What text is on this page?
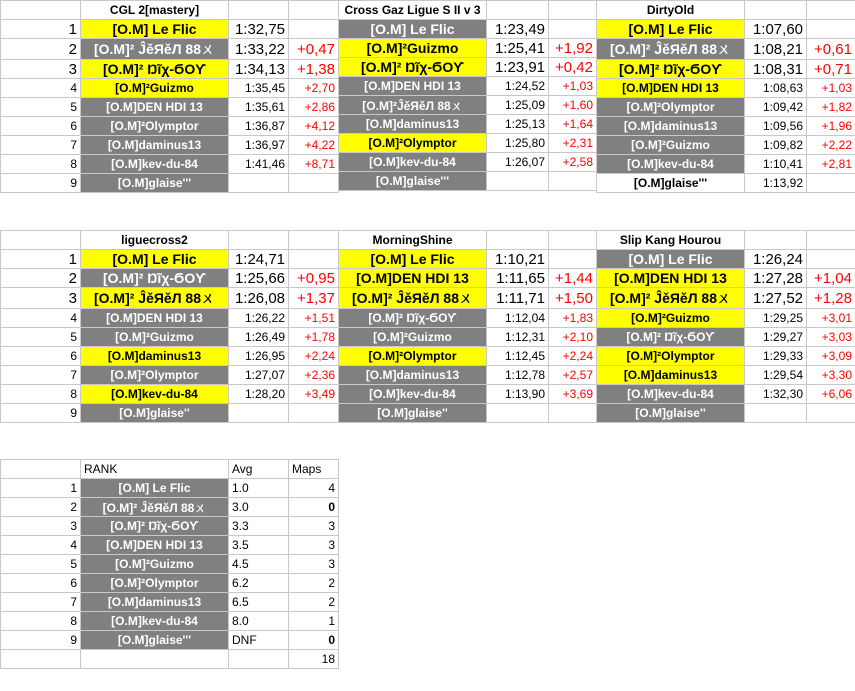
	CGL 2[mastery]		
1	[O.M] Le Flic	1:32,75	
2	[O.M]² ĴěЯěЛ 88ㄨ	1:33,22	+0,47
3	[O.M]² Ŋĩχ-ϬΟϒ	1:34,13	+1,38
4	[O.M]²Guizmo	1:35,45	+2,70
5	[O.M]DEN HDI 13	1:35,61	+2,86
6	[O.M]²Olymptor	1:36,87	+4,12
7	[O.M]daminus13	1:36,97	+4,22
8	[O.M]kev-du-84	1:41,46	+8,71
9	[O.M]glaise'''		
Cross Gaz Ligue S II v 3		
[O.M] Le Flic	1:23,49	
[O.M]²Guizmo	1:25,41	+1,92
[O.M]² Ŋĩχ-ϬΟϒ	1:23,91	+0,42
[O.M]DEN HDI 13	1:24,52	+1,03
[O.M]²ĴěЯěЛ 88ㄨ	1:25,09	+1,60
[O.M]daminus13	1:25,13	+1,64
[O.M]²Olymptor	1:25,80	+2,31
[O.M]kev-du-84	1:26,07	+2,58
[O.M]glaise'''		
DirtyOld		
[O.M] Le Flic	1:07,60	
[O.M]² ĴěЯěЛ 88ㄨ	1:08,21	+0,61
[O.M]² Ŋĩχ-ϬΟϒ	1:08,31	+0,71
[O.M]DEN HDI 13	1:08,63	+1,03
[O.M]²Olymptor	1:09,42	+1,82
[O.M]daminus13	1:09,56	+1,96
[O.M]²Guizmo	1:09,82	+2,22
[O.M]kev-du-84	1:10,41	+2,81
[O.M]glaise'''	1:13,92	
	liguecross2		
1	[O.M] Le Flic	1:24,71	
2	[O.M]² Ŋĩχ-ϬΟϒ	1:25,66	+0,95
3	[O.M]² ĴěЯěЛ 88ㄨ	1:26,08	+1,37
4	[O.M]DEN HDI 13	1:26,22	+1,51
5	[O.M]²Guizmo	1:26,49	+1,78
6	[O.M]daminus13	1:26,95	+2,24
7	[O.M]²Olymptor	1:27,07	+2,36
8	[O.M]kev-du-84	1:28,20	+3,49
9	[O.M]glaise''		
MorningShine		
[O.M] Le Flic	1:10,21	
[O.M]DEN HDI 13	1:11,65	+1,44
[O.M]² ĴěЯěЛ 88ㄨ	1:11,71	+1,50
[O.M]² Ŋĩχ-ϬΟϒ	1:12,04	+1,83
[O.M]²Guizmo	1:12,31	+2,10
[O.M]²Olymptor	1:12,45	+2,24
[O.M]daminus13	1:12,78	+2,57
[O.M]kev-du-84	1:13,90	+3,69
[O.M]glaise''		
Slip Kang Hourou		
[O.M] Le Flic	1:26,24	
[O.M]DEN HDI 13	1:27,28	+1,04
[O.M]² ĴěЯěЛ 88ㄨ	1:27,52	+1,28
[O.M]²Guizmo	1:29,25	+3,01
[O.M]² Ŋĩχ-ϬΟϒ	1:29,27	+3,03
[O.M]²Olymptor	1:29,33	+3,09
[O.M]daminus13	1:29,54	+3,30
[O.M]kev-du-84	1:32,30	+6,06
[O.M]glaise''		
	RANK	Avg	Maps
1	[O.M] Le Flic	1.0	4
2	[O.M]² ĴěЯěЛ 88ㄨ	3.0	0
3	[O.M]² Ŋĩχ-ϬΟϒ	3.3	3
4	[O.M]DEN HDI 13	3.5	3
5	[O.M]²Guizmo	4.5	3
6	[O.M]²Olymptor	6.2	2
7	[O.M]daminus13	6.5	2
8	[O.M]kev-du-84	8.0	1
9	[O.M]glaise'''	DNF	0
			18
